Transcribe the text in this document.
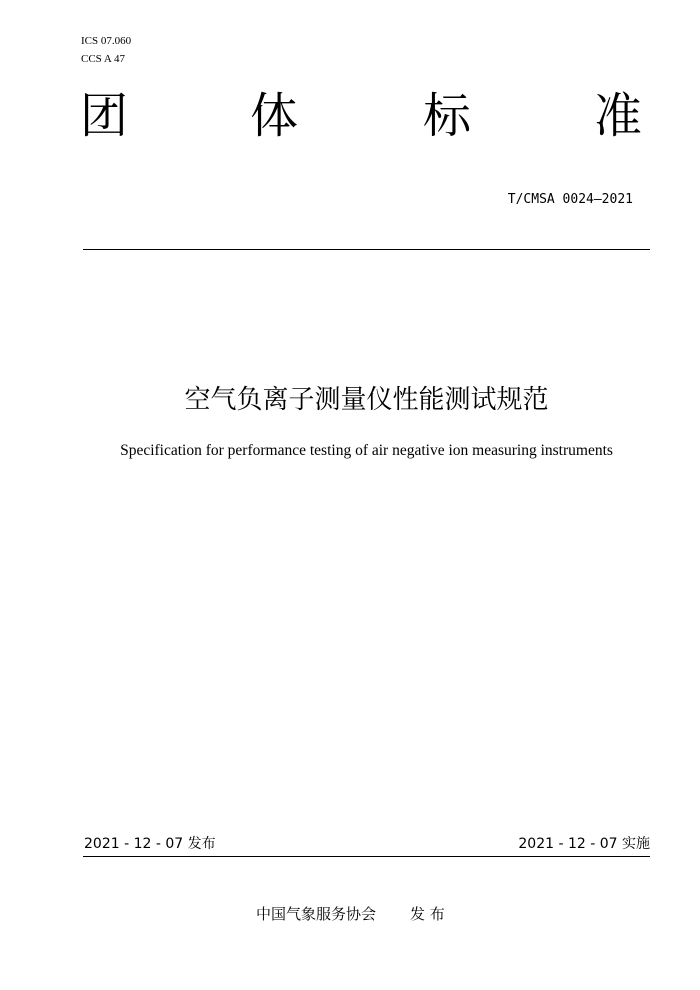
ICS 07.060
CCS A 47
团	体	标	准
T/CMSA 0024—2021
空气负离子测量仪性能测试规范
Specification for performance testing of air negative ion measuring instruments
2021 - 12 - 07 发布	2021 - 12 - 07 实施
中国气象服务协会 发 布
